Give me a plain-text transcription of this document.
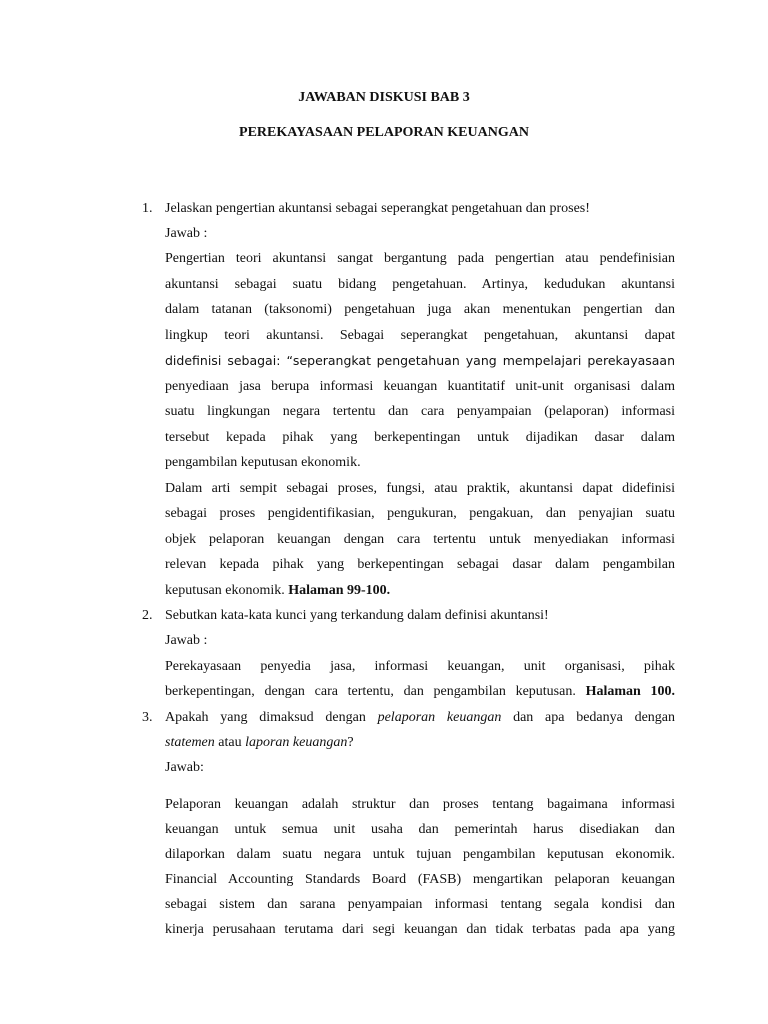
JAWABAN DISKUSI BAB 3
PEREKAYASAAN PELAPORAN KEUANGAN
1. Jelaskan pengertian akuntansi sebagai seperangkat pengetahuan dan proses!
Jawab :
Pengertian teori akuntansi sangat bergantung pada pengertian atau pendefinisian
akuntansi sebagai suatu bidang pengetahuan. Artinya, kedudukan akuntansi
dalam tatanan (taksonomi) pengetahuan juga akan menentukan pengertian dan
lingkup teori akuntansi. Sebagai seperangkat pengetahuan, akuntansi dapat
didefinisi sebagai: “seperangkat pengetahuan yang mempelajari perekayasaan
penyediaan jasa berupa informasi keuangan kuantitatif unit-unit organisasi dalam
suatu lingkungan negara tertentu dan cara penyampaian (pelaporan) informasi
tersebut kepada pihak yang berkepentingan untuk dijadikan dasar dalam
pengambilan keputusan ekonomik.
Dalam arti sempit sebagai proses, fungsi, atau praktik, akuntansi dapat didefinisi
sebagai proses pengidentifikasian, pengukuran, pengakuan, dan penyajian suatu
objek pelaporan keuangan dengan cara tertentu untuk menyediakan informasi
relevan kepada pihak yang berkepentingan sebagai dasar dalam pengambilan
keputusan ekonomik. Halaman 99-100.
2. Sebutkan kata-kata kunci yang terkandung dalam definisi akuntansi!
Jawab :
Perekayasaan penyedia jasa, informasi keuangan, unit organisasi, pihak
berkepentingan, dengan cara tertentu, dan pengambilan keputusan. Halaman 100.
3. Apakah yang dimaksud dengan pelaporan keuangan dan apa bedanya dengan
statemen atau laporan keuangan?
Jawab:
Pelaporan keuangan adalah struktur dan proses tentang bagaimana informasi
keuangan untuk semua unit usaha dan pemerintah harus disediakan dan
dilaporkan dalam suatu negara untuk tujuan pengambilan keputusan ekonomik.
Financial Accounting Standards Board (FASB) mengartikan pelaporan keuangan
sebagai sistem dan sarana penyampaian informasi tentang segala kondisi dan
kinerja perusahaan terutama dari segi keuangan dan tidak terbatas pada apa yang
